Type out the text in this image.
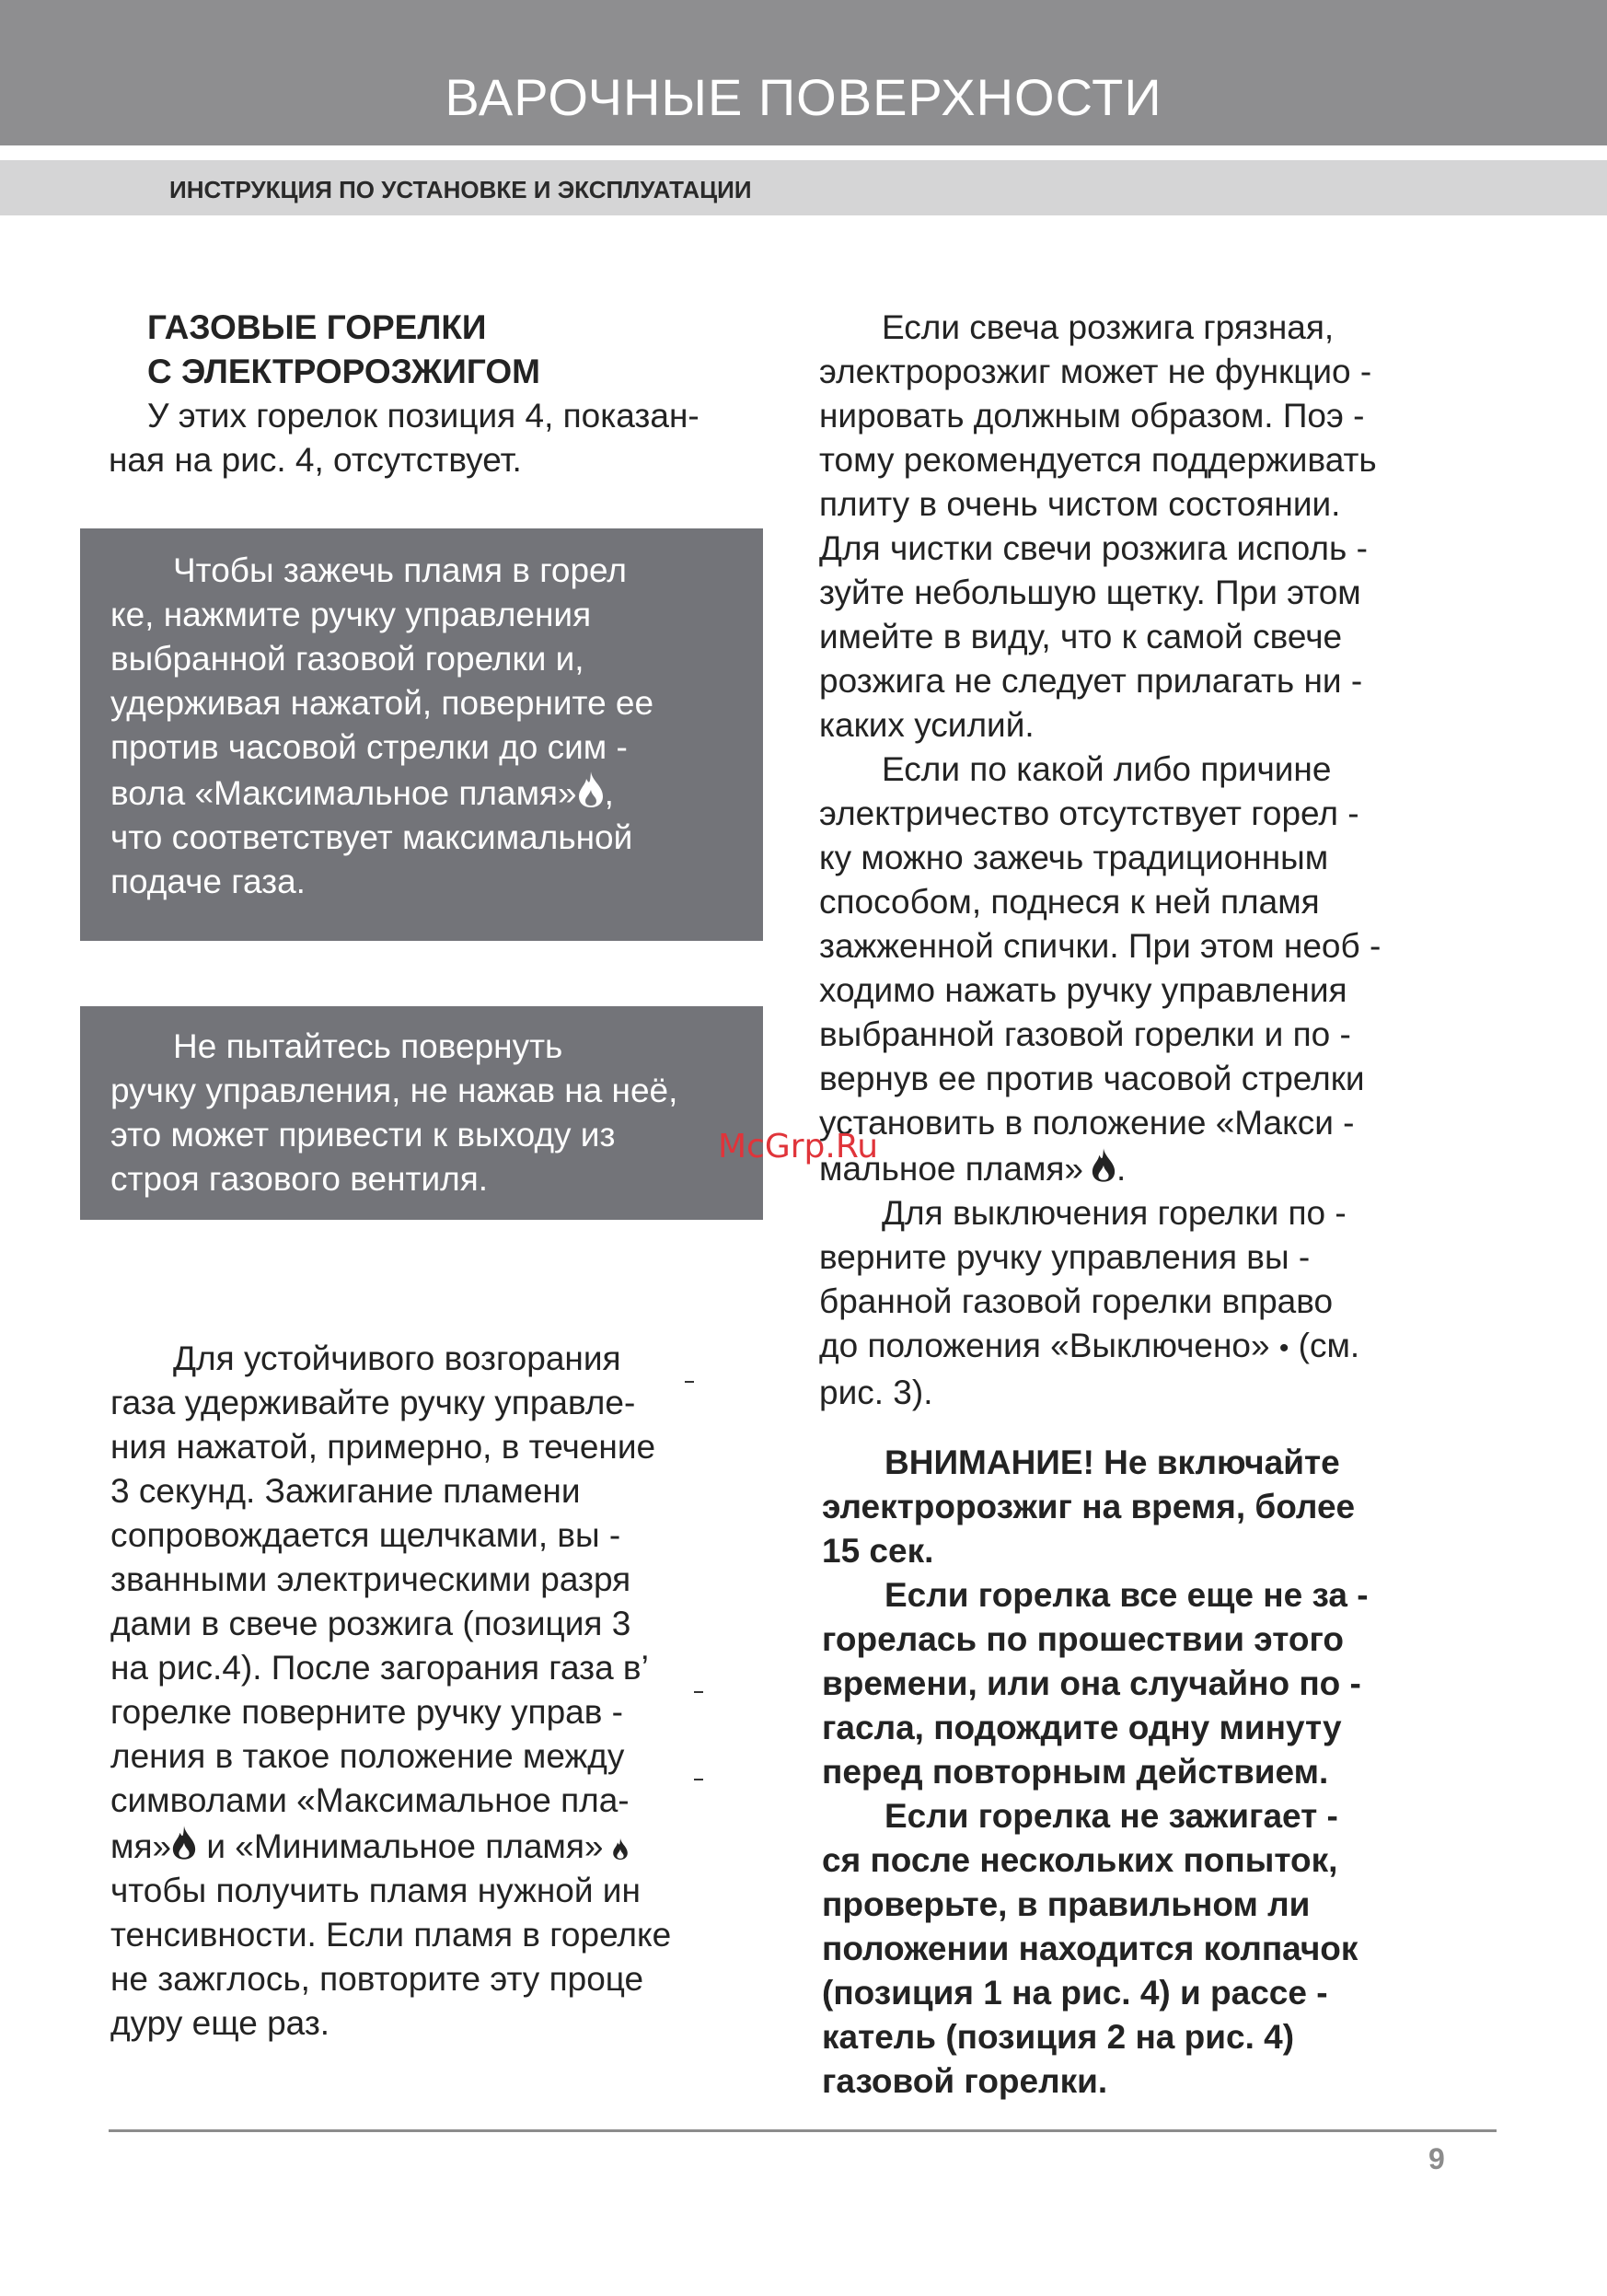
ВАРОЧНЫЕ ПОВЕРХНОСТИ
ИНСТРУКЦИЯ ПО УСТАНОВКЕ И ЭКСПЛУАТАЦИИ

ГАЗОВЫЕ ГОРЕЛКИ
С ЭЛЕКТРОРОЗЖИГОМ

У этих горелок позиция 4, показан-
ная на рис. 4, отсутствует.

Чтобы зажечь пламя в горел
ке, нажмите ручку управления
выбранной газовой горелки и,
удерживая нажатой, поверните ее
против часовой стрелки до сим -
вола «Максимальное пламя» ,
что соответствует максимальной
подаче газа.

Не пытайтесь повернуть
ручку управления, не нажав на неё,
это может привести к выходу из
строя газового вентиля.

Для устойчивого возгорания
газа удерживайте ручку управле-
ния нажатой, примерно, в течение
3 секунд. Зажигание пламени
сопровождается щелчками, вы -
званными электрическими разря
дами в свече розжига (позиция 3
на рис.4). После загорания газа в’
горелке поверните ручку управ -
ления в такое положение между
символами «Максимальное пла-
мя» и «Минимальное пламя»
чтобы получить пламя нужной ин
тенсивности. Если пламя в горелке
не зажглось, повторите эту проце
дуру еще раз.

Если свеча розжига грязная,
электророзжиг может не функцио -
нировать должным образом. Поэ -
тому рекомендуется поддерживать
плиту в очень чистом состоянии.
Для чистки свечи розжига исполь -
зуйте небольшую щетку. При этом
имейте в виду, что к самой свече
розжига не следует прилагать ни -
каких усилий.

Если по какой либо причине
электричество отсутствует горел -
ку можно зажечь традиционным
способом, поднеся к ней пламя
зажженной спички. При этом необ -
ходимо нажать ручку управления
выбранной газовой горелки и по -
вернув ее против часовой стрелки
установить в положение «Макси -
мальное пламя» .

Для выключения горелки по -
верните ручку управления вы -
бранной газовой горелки вправо
до положения «Выключено» • (см.
рис. 3).

ВНИМАНИЕ! Не включайте
электророзжиг на время, более
15 сек.

Если горелка все еще не за -
горелась по прошествии этого
времени, или она случайно по -
гасла, подождите одну минуту
перед повторным действием.

Если горелка не зажигает -
ся после нескольких попыток,
проверьте, в правильном ли
положении находится колпачок
(позиция 1 на рис. 4) и рассе -
катель (позиция 2 на рис. 4)
газовой горелки.

McGrp.Ru
9
